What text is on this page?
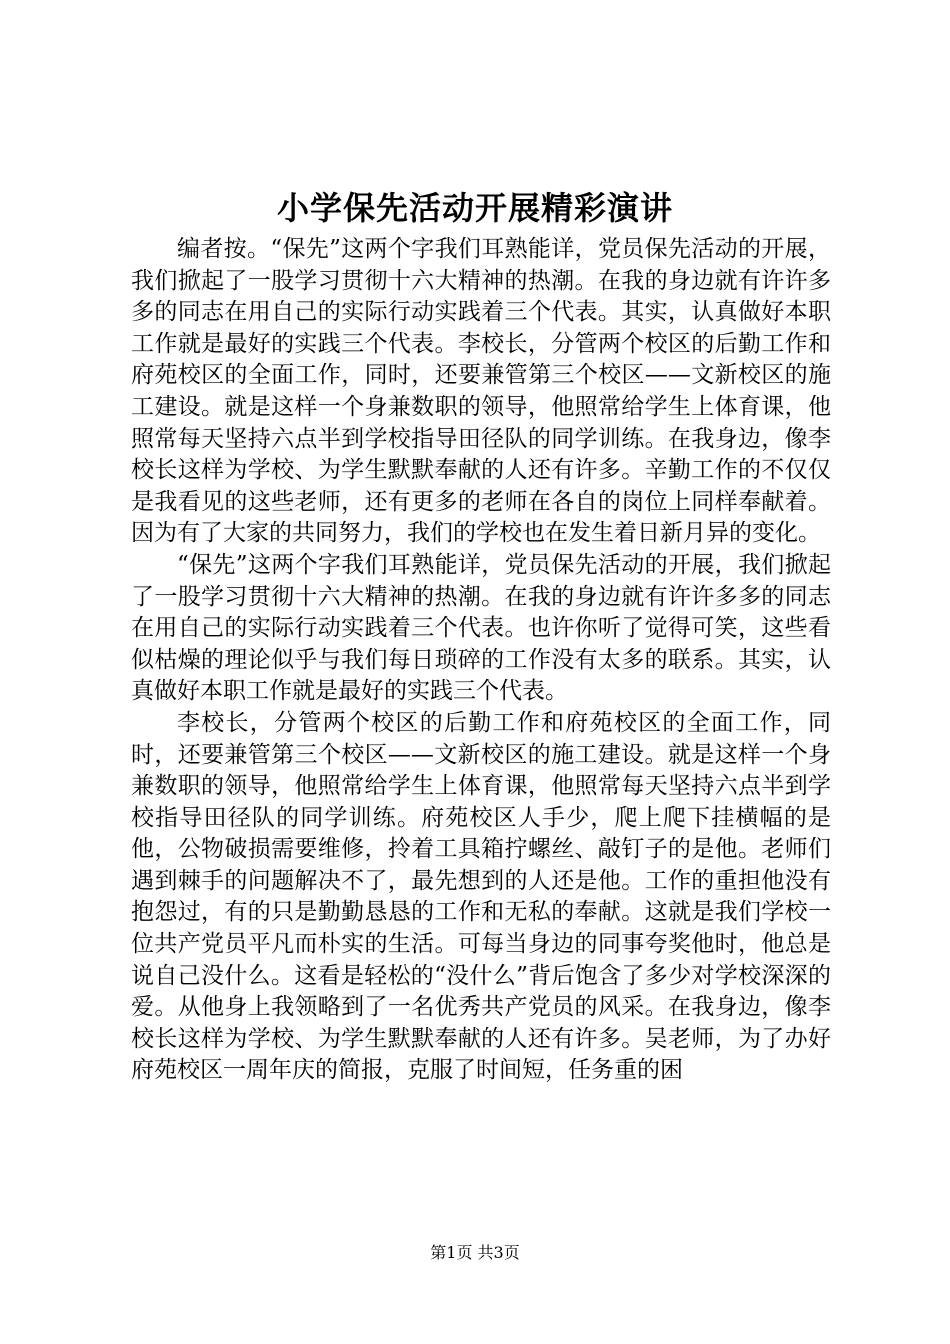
小学保先活动开展精彩演讲

编者按。“保先”这两个字我们耳熟能详，党员保先活动的开展，我们掀起了一股学习贯彻十六大精神的热潮。在我的身边就有许许多多的同志在用自己的实际行动实践着三个代表。其实，认真做好本职工作就是最好的实践三个代表。李校长，分管两个校区的后勤工作和府苑校区的全面工作，同时，还要兼管第三个校区——文新校区的施工建设。就是这样一个身兼数职的领导，他照常给学生上体育课，他照常每天坚持六点半到学校指导田径队的同学训练。在我身边，像李校长这样为学校、为学生默默奉献的人还有许多。辛勤工作的不仅仅是我看见的这些老师，还有更多的老师在各自的岗位上同样奉献着。因为有了大家的共同努力，我们的学校也在发生着日新月异的变化。

“保先”这两个字我们耳熟能详，党员保先活动的开展，我们掀起了一股学习贯彻十六大精神的热潮。在我的身边就有许许多多的同志在用自己的实际行动实践着三个代表。也许你听了觉得可笑，这些看似枯燥的理论似乎与我们每日琐碎的工作没有太多的联系。其实，认真做好本职工作就是最好的实践三个代表。

李校长，分管两个校区的后勤工作和府苑校区的全面工作，同时，还要兼管第三个校区——文新校区的施工建设。就是这样一个身兼数职的领导，他照常给学生上体育课，他照常每天坚持六点半到学校指导田径队的同学训练。府苑校区人手少，爬上爬下挂横幅的是他，公物破损需要维修，拎着工具箱拧螺丝、敲钉子的是他。老师们遇到棘手的问题解决不了，最先想到的人还是他。工作的重担他没有抱怨过，有的只是勤勤恳恳的工作和无私的奉献。这就是我们学校一位共产党员平凡而朴实的生活。可每当身边的同事夸奖他时，他总是说自己没什么。这看是轻松的“没什么”背后饱含了多少对学校深深的爱。从他身上我领略到了一名优秀共产党员的风采。在我身边，像李校长这样为学校、为学生默默奉献的人还有许多。吴老师，为了办好府苑校区一周年庆的简报，克服了时间短，任务重的困

第1页 共3页
